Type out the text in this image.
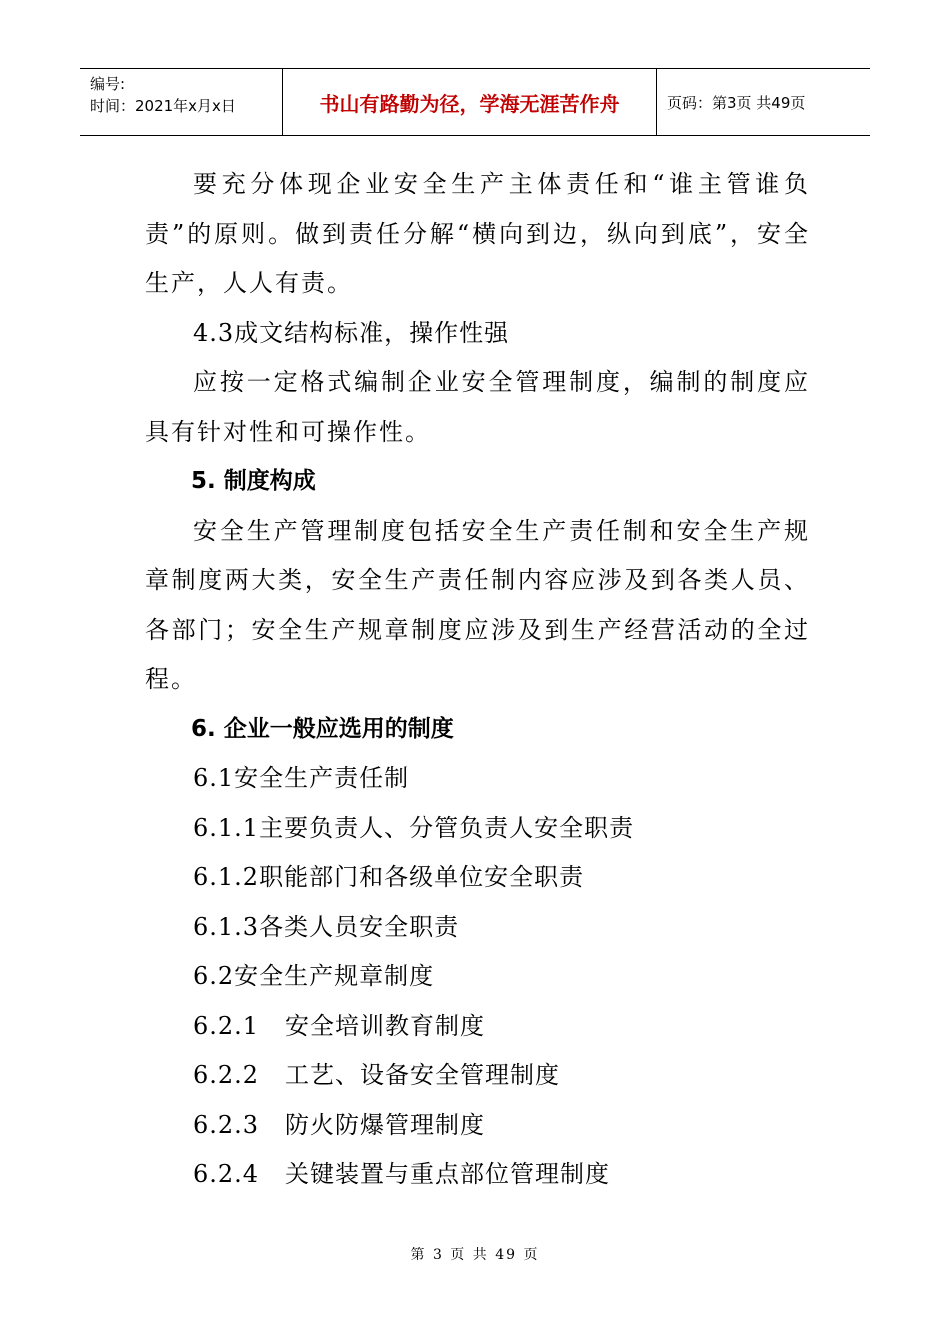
编号:
时间：2021年x月x日	书山有路勤为径，学海无涯苦作舟	页码：第3页 共49页

要充分体现企业安全生产主体责任和“谁主管谁负责”的原则。做到责任分解“横向到边，纵向到底”，安全生产，人人有责。

4.3成文结构标准，操作性强

应按一定格式编制企业安全管理制度，编制的制度应具有针对性和可操作性。

5. 制度构成

安全生产管理制度包括安全生产责任制和安全生产规章制度两大类，安全生产责任制内容应涉及到各类人员、各部门；安全生产规章制度应涉及到生产经营活动的全过程。

6. 企业一般应选用的制度

6.1安全生产责任制

6.1.1主要负责人、分管负责人安全职责

6.1.2职能部门和各级单位安全职责

6.1.3各类人员安全职责

6.2安全生产规章制度

6.2.1   安全培训教育制度

6.2.2   工艺、设备安全管理制度

6.2.3   防火防爆管理制度

6.2.4   关键装置与重点部位管理制度

第 3 页 共 49 页
